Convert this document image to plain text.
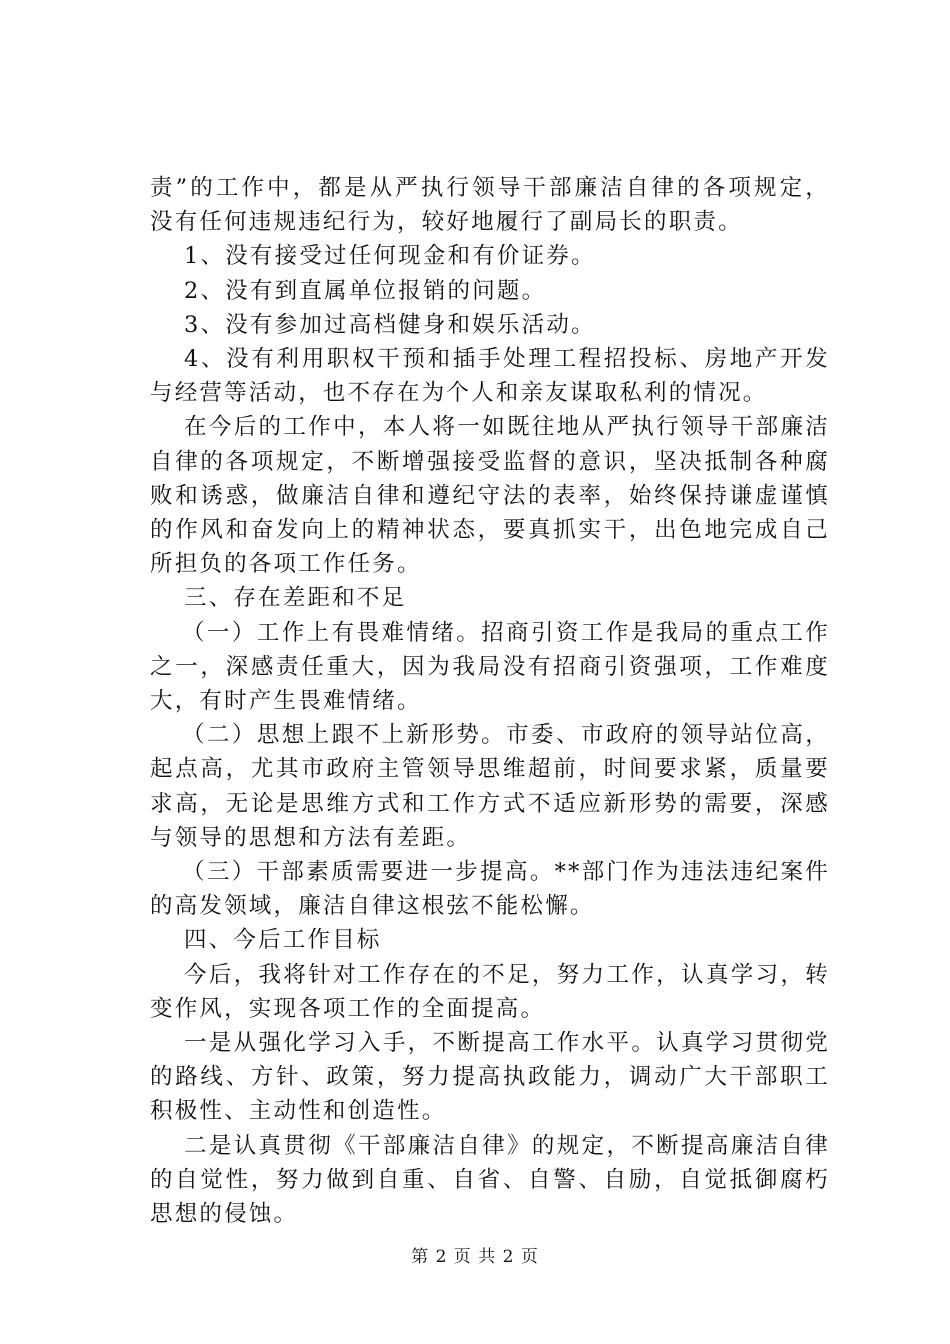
责”的工作中，都是从严执行领导干部廉洁自律的各项规定，没有任何违规违纪行为，较好地履行了副局长的职责。

1、没有接受过任何现金和有价证券。

2、没有到直属单位报销的问题。

3、没有参加过高档健身和娱乐活动。

4、没有利用职权干预和插手处理工程招投标、房地产开发与经营等活动，也不存在为个人和亲友谋取私利的情况。

在今后的工作中，本人将一如既往地从严执行领导干部廉洁自律的各项规定，不断增强接受监督的意识，坚决抵制各种腐败和诱惑，做廉洁自律和遵纪守法的表率，始终保持谦虚谨慎的作风和奋发向上的精神状态，要真抓实干，出色地完成自己所担负的各项工作任务。

三、存在差距和不足

（一）工作上有畏难情绪。招商引资工作是我局的重点工作之一，深感责任重大，因为我局没有招商引资强项，工作难度大，有时产生畏难情绪。

（二）思想上跟不上新形势。市委、市政府的领导站位高，起点高，尤其市政府主管领导思维超前，时间要求紧，质量要求高，无论是思维方式和工作方式不适应新形势的需要，深感与领导的思想和方法有差距。

（三）干部素质需要进一步提高。**部门作为违法违纪案件的高发领域，廉洁自律这根弦不能松懈。

四、今后工作目标

今后，我将针对工作存在的不足，努力工作，认真学习，转变作风，实现各项工作的全面提高。

一是从强化学习入手，不断提高工作水平。认真学习贯彻党的路线、方针、政策，努力提高执政能力，调动广大干部职工积极性、主动性和创造性。

二是认真贯彻《干部廉洁自律》的规定，不断提高廉洁自律的自觉性，努力做到自重、自省、自警、自励，自觉抵御腐朽思想的侵蚀。

第 2 页 共 2 页
